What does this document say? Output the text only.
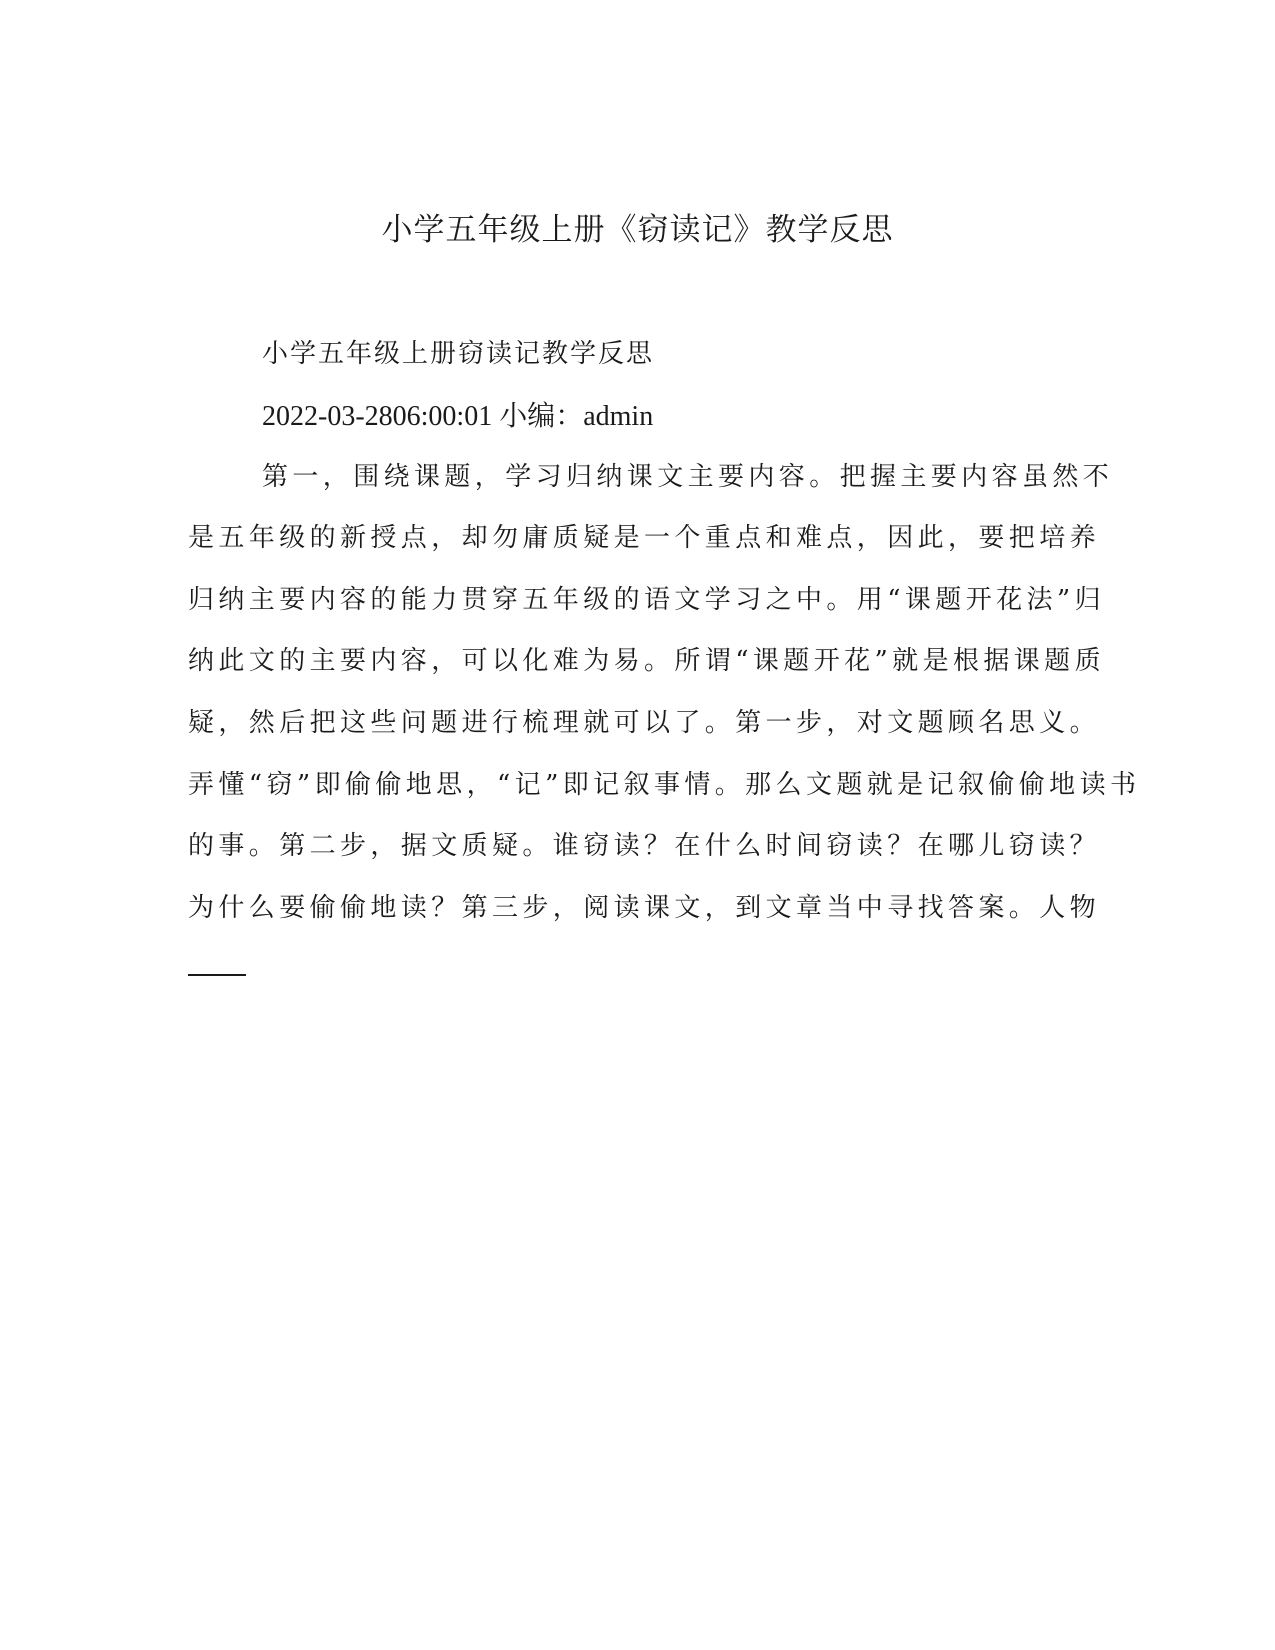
小学五年级上册《窃读记》教学反思

小学五年级上册窃读记教学反思

2022-03-2806:00:01 小编：admin

第一，围绕课题，学习归纳课文主要内容。把握主要内容虽然不

是五年级的新授点，却勿庸质疑是一个重点和难点，因此，要把培养

归纳主要内容的能力贯穿五年级的语文学习之中。用“课题开花法”归

纳此文的主要内容，可以化难为易。所谓“课题开花”就是根据课题质

疑，然后把这些问题进行梳理就可以了。第一步，对文题顾名思义。

弄懂“窃”即偷偷地思，“记”即记叙事情。那么文题就是记叙偷偷地读书

的事。第二步，据文质疑。谁窃读？在什么时间窃读？在哪儿窃读？

为什么要偷偷地读？第三步，阅读课文，到文章当中寻找答案。人物
